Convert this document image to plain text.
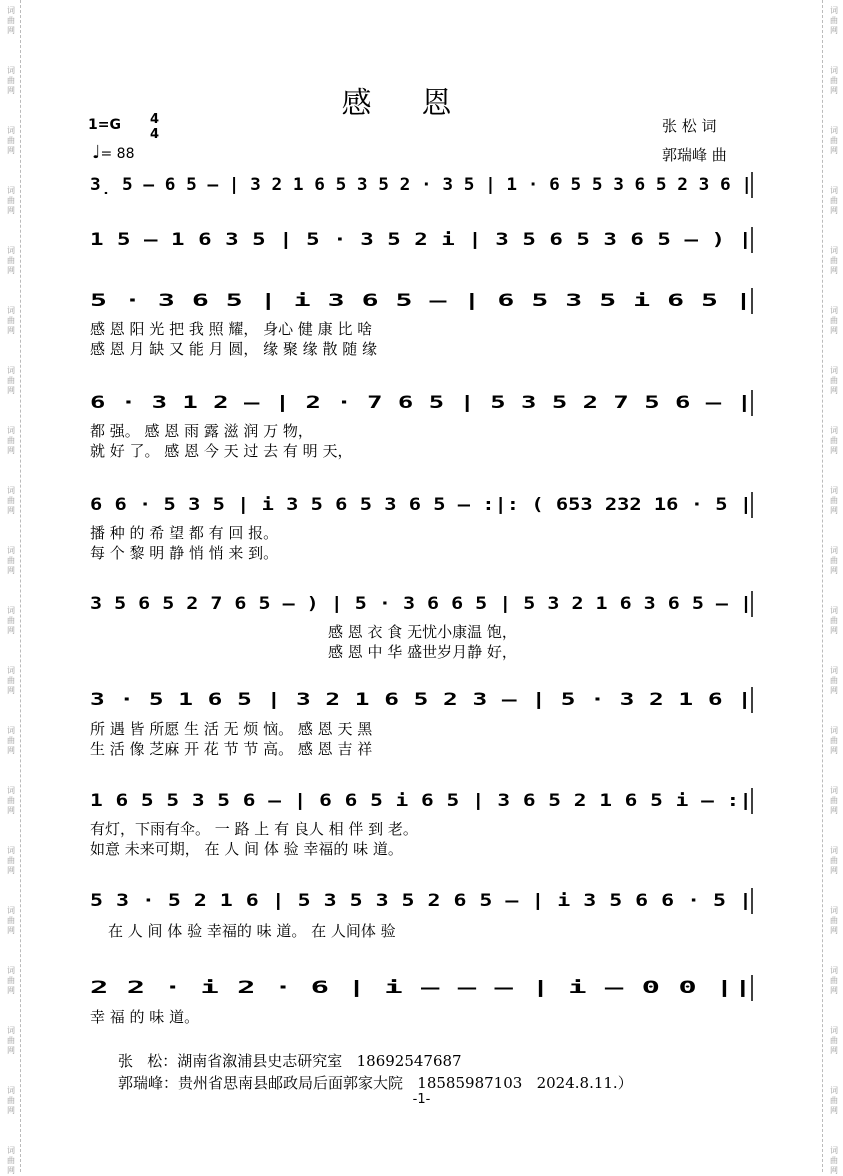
词
曲
网
词
曲
网
词
曲
网
词
曲
网
词
曲
网
词
曲
网
词
曲
网
词
曲
网
词
曲
网
词
曲
网
词
曲
网
词
曲
网
词
曲
网
词
曲
网
词
曲
网
词
曲
网
词
曲
网
词
曲
网
词
曲
网
词
曲
网
词
曲
网
词
曲
网
词
曲
网
词
曲
网
词
曲
网
词
曲
网
词
曲
网
词
曲
网
词
曲
网
词
曲
网
词
曲
网
词
曲
网
词
曲
网
词
曲
网
词
曲
网
词
曲
网
词
曲
网
词
曲
网
词
曲
网
词
曲
网
感恩
张 松 词
郭瑞峰 曲
1=G 4
4
♩= 88
3̣ 5 — 6 5 — | 3 2 1 6 5 3 5 2 · 3 5 | 1 · 6 5 5 3 6 5 2 3 6 |
1 5 — 1 6 3 5 | 5 · 3 5 2 i | 3 5 6 5 3 6 5 — ) |
5 · 3 6 5 | i 3 6 5 — | 6 5 3 5 i 6 5 |
6 · 3 1 2 — | 2 · 7 6 5 | 5 3 5 2 7 5 6 — |
6 6 · 5 3 5 | i 3 5 6 5 3 6 5 — :|: ( 653 232 16 · 5 |
3 5 6 5 2 7 6 5 — ) | 5 · 3 6 6 5 | 5 3 2 1 6 3 6 5 — |
3 · 5 1 6 5 | 3 2 1 6 5 2 3 — | 5 · 3 2 1 6 |
1 6 5 5 3 5 6 — | 6 6 5 i 6 5 | 3 6 5 2 1 6 5 i — :|
5 3 · 5 2 1 6 | 5 3 5 3 5 2 6 5 — | i 3 5 6 6 · 5 |
2 2 · i 2 · 6 | i — — — | i — 0 0 ||
感 恩 阳 光 把 我 照 耀， 身心 健 康 比 啥
感 恩 月 缺 又 能 月 圆， 缘 聚 缘 散 随 缘
都 强。 感 恩 雨 露 滋 润 万 物，
就 好 了。 感 恩 今 天 过 去 有 明 天，
播 种 的 希 望 都 有 回 报。
每 个 黎 明 静 悄 悄 来 到。
感 恩 衣 食 无忧小康温 饱，
感 恩 中 华 盛世岁月静 好，
所 遇 皆 所愿 生 活 无 烦 恼。 感 恩 天 黑
生 活 像 芝麻 开 花 节 节 高。 感 恩 吉 祥
有灯，下雨有伞。 一 路 上 有 良人 相 伴 到 老。
如意 未来可期， 在 人 间 体 验 幸福的 味 道。
在 人 间 体 验 幸福的 味 道。 在 人间体 验
幸 福 的 味 道。
张   松：湖南省溆浦县史志研究室   18692547687
郭瑞峰：贵州省思南县邮政局后面郭家大院   18585987103   2024.8.11.）
-1-
